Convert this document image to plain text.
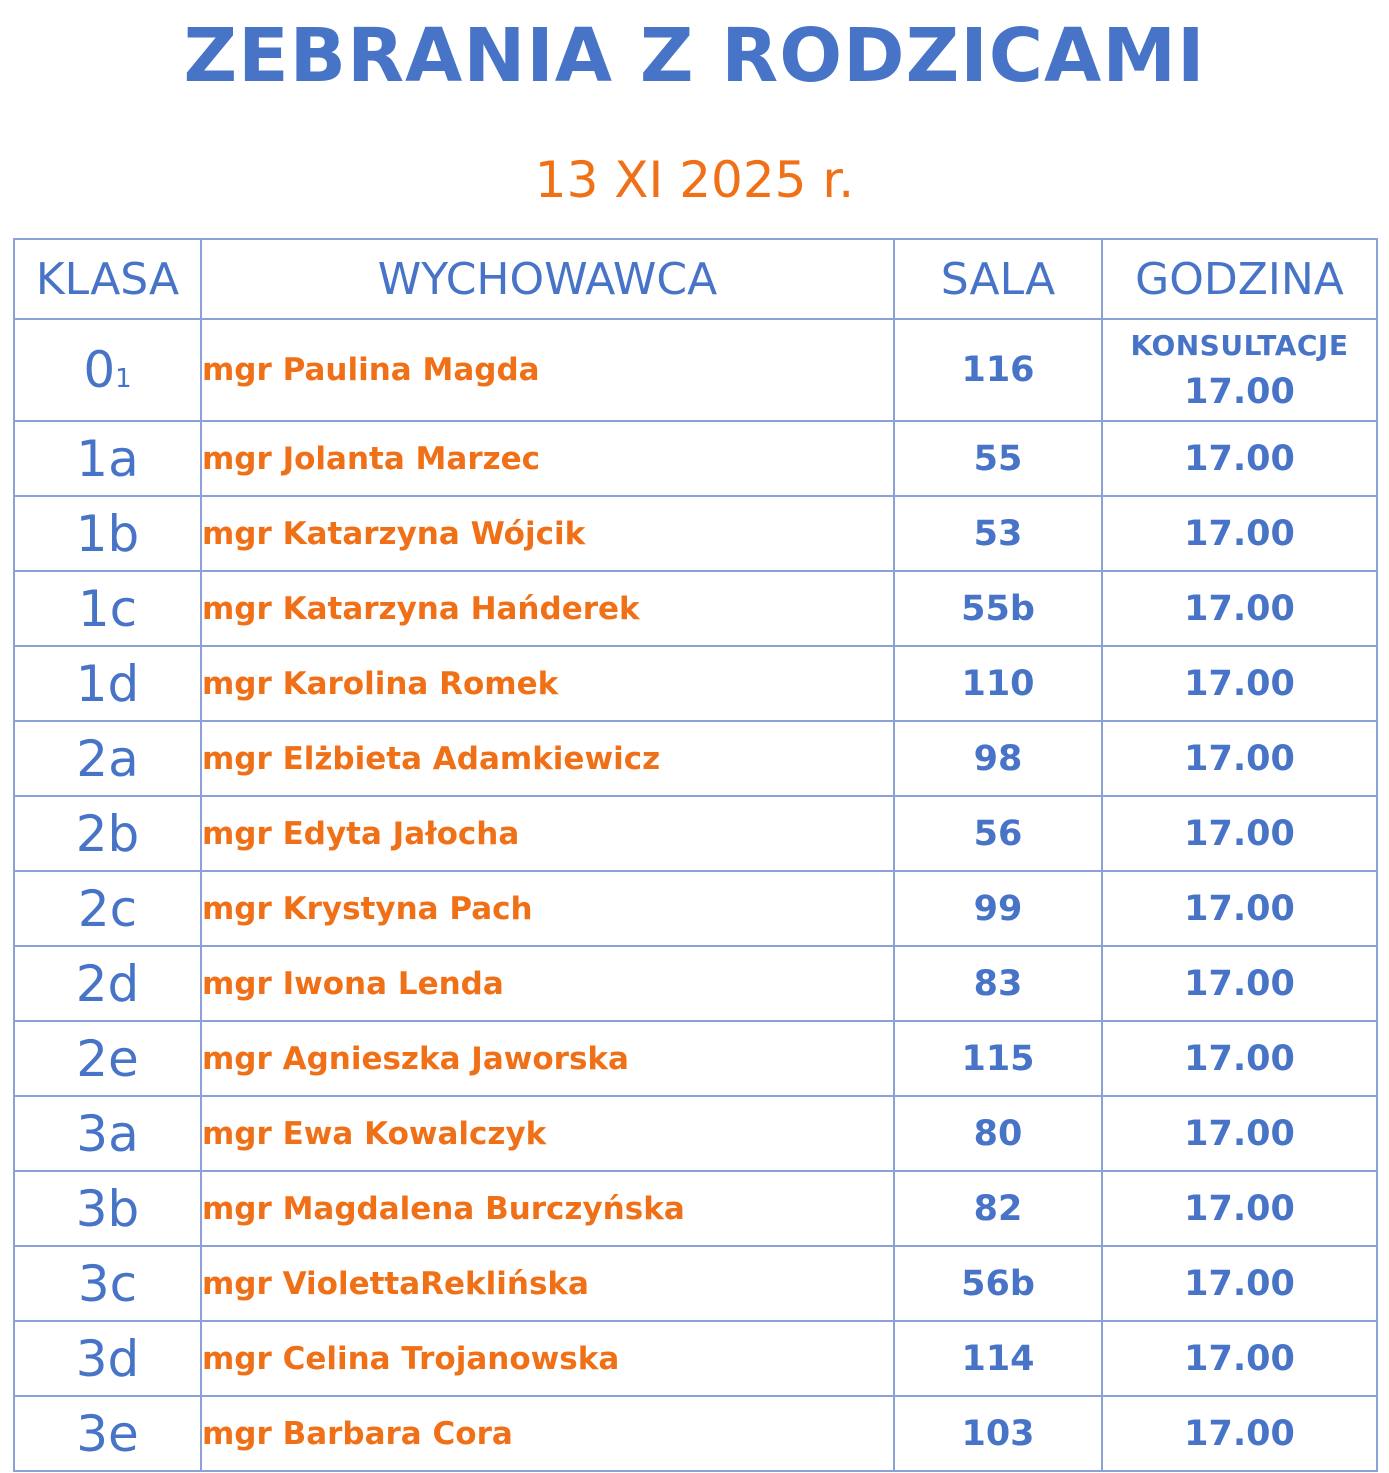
ZEBRANIA Z RODZICAMI
13 XI 2025 r.
KLASA	WYCHOWAWCA	SALA	GODZINA
01	mgr Paulina Magda	116	KONSULTACJE
17.00

1a	mgr Jolanta Marzec	55	17.00
1b	mgr Katarzyna Wójcik	53	17.00
1c	mgr Katarzyna Hańderek	55b	17.00
1d	mgr Karolina Romek	110	17.00
2a	mgr Elżbieta Adamkiewicz	98	17.00
2b	mgr Edyta Jałocha	56	17.00
2c	mgr Krystyna Pach	99	17.00
2d	mgr Iwona Lenda	83	17.00
2e	mgr Agnieszka Jaworska	115	17.00
3a	mgr Ewa Kowalczyk	80	17.00
3b	mgr Magdalena Burczyńska	82	17.00
3c	mgr ViolettaReklińska	56b	17.00
3d	mgr Celina Trojanowska	114	17.00
3e	mgr Barbara Cora	103	17.00
